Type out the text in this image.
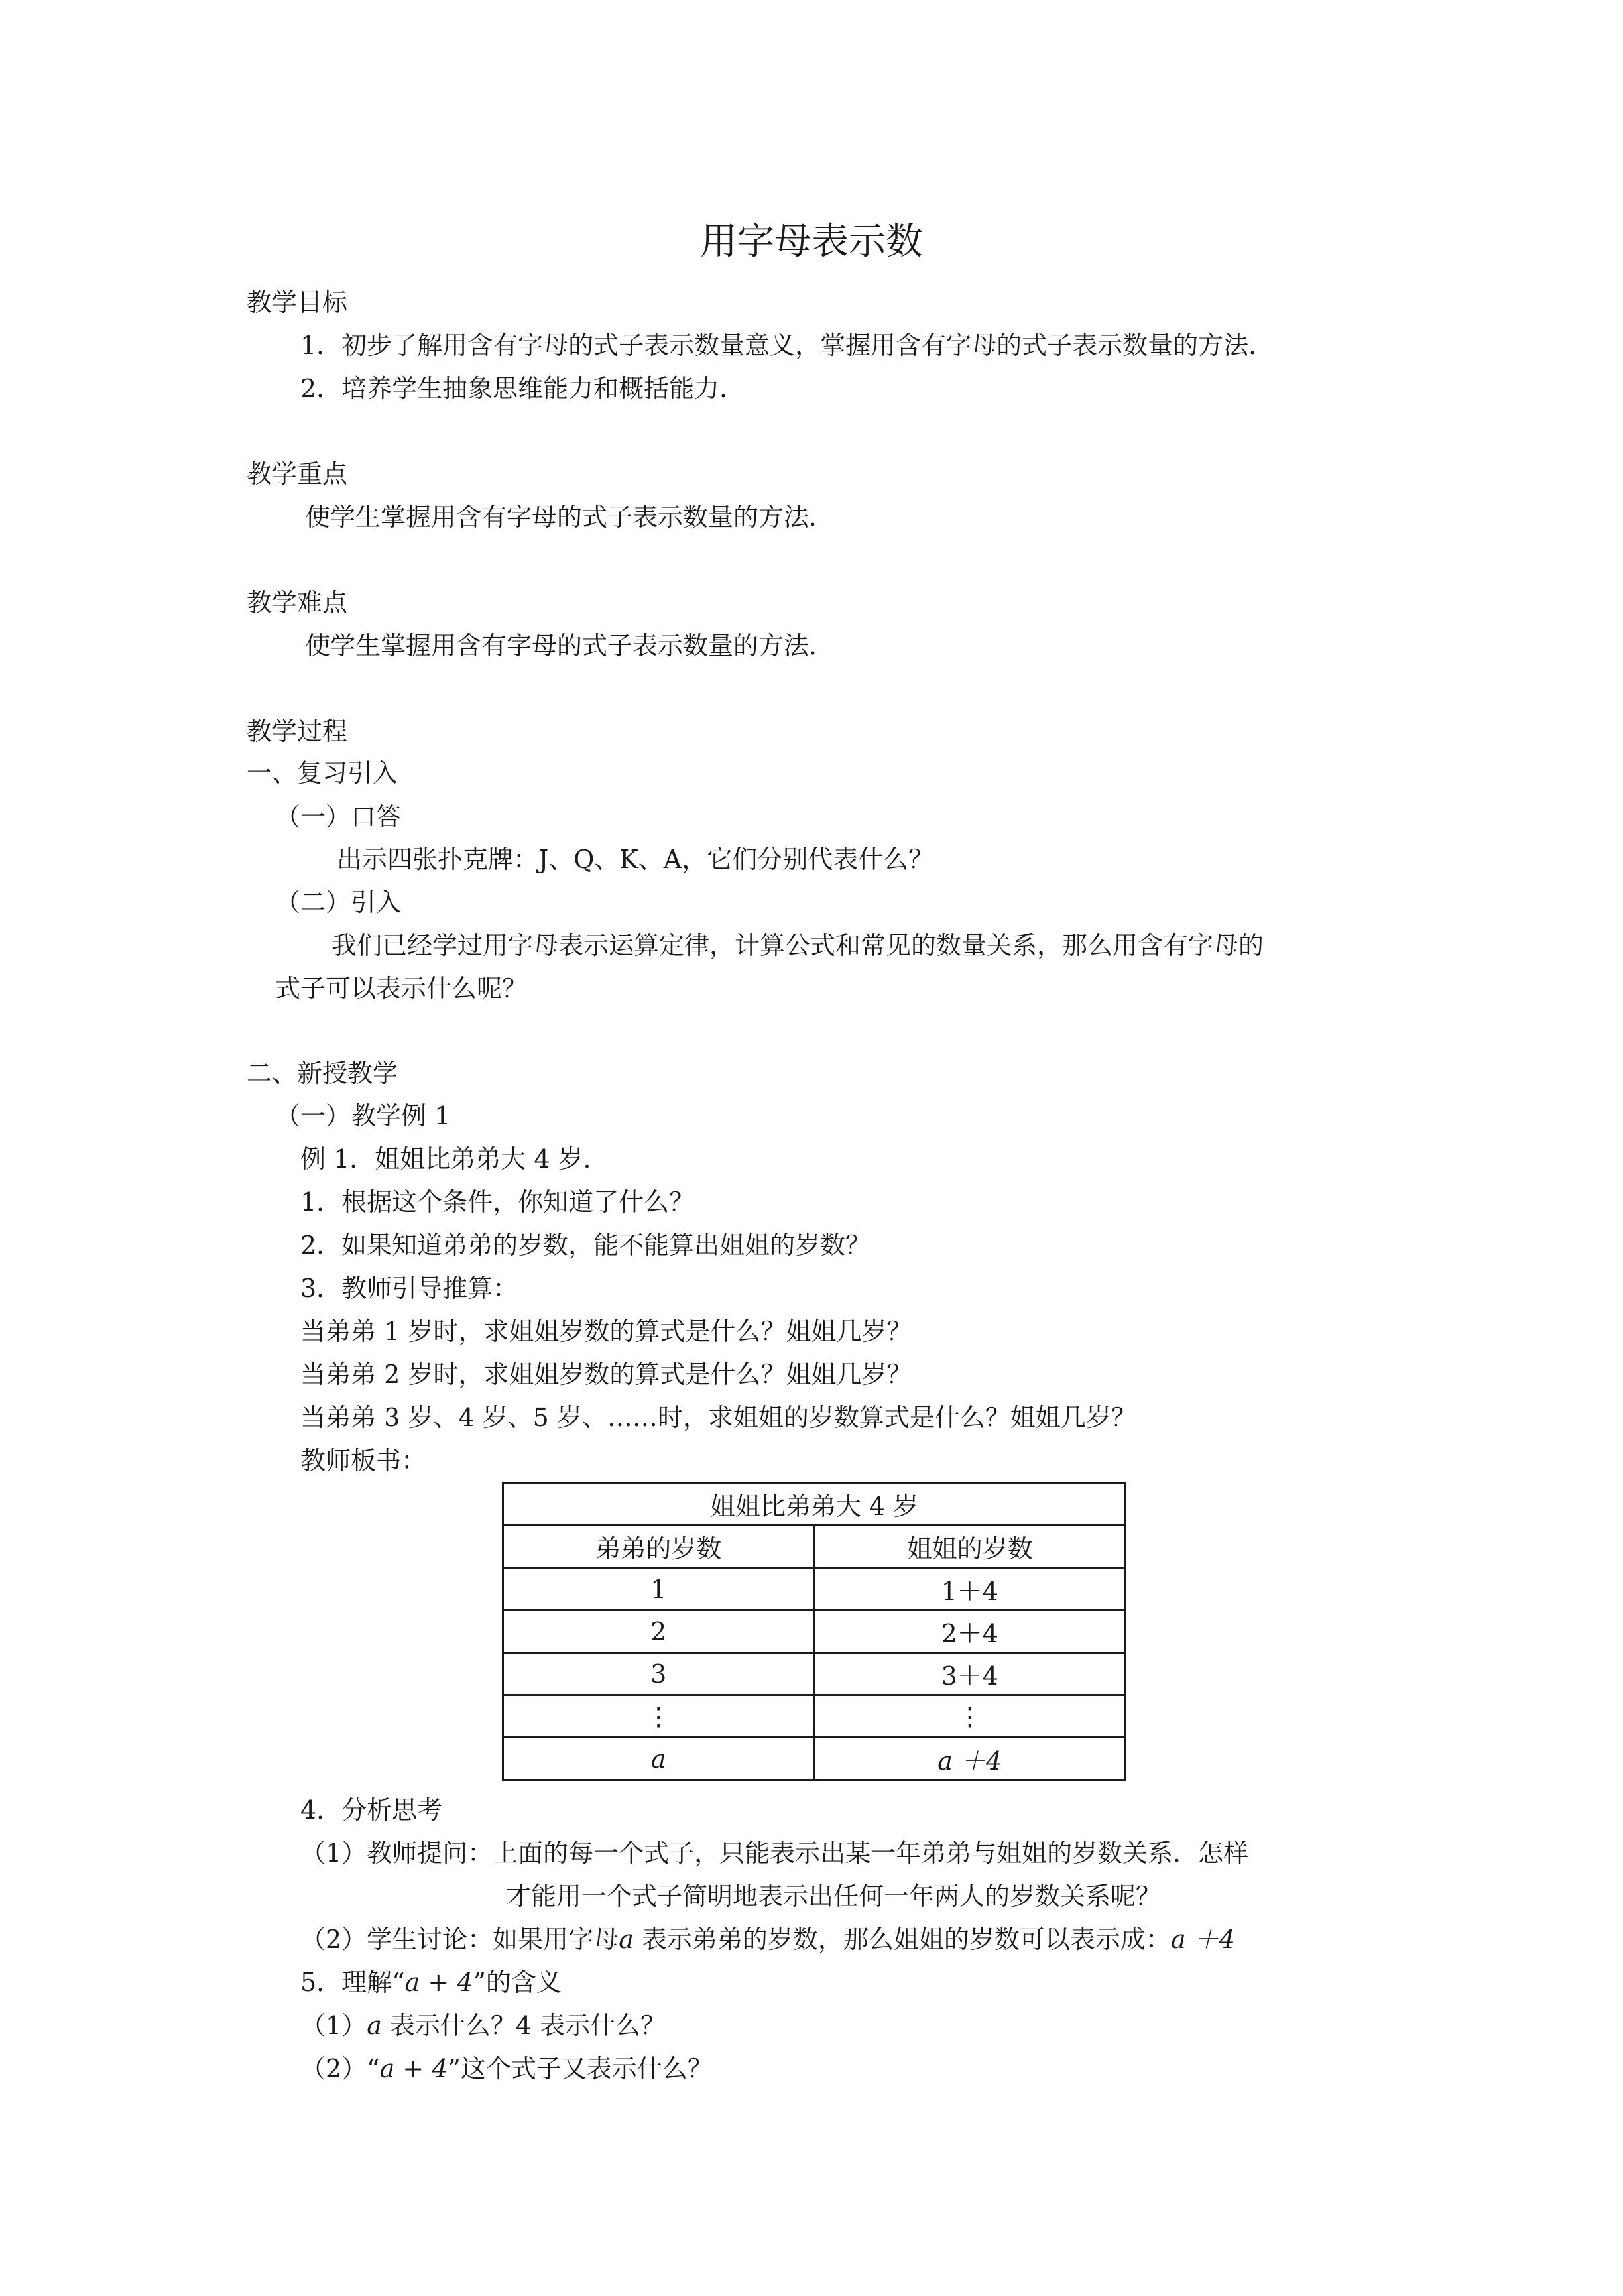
用字母表示数
教学目标
1．初步了解用含有字母的式子表示数量意义，掌握用含有字母的式子表示数量的方法．
2．培养学生抽象思维能力和概括能力．
教学重点
使学生掌握用含有字母的式子表示数量的方法．
教学难点
使学生掌握用含有字母的式子表示数量的方法．
教学过程
一、复习引入
（一）口答
出示四张扑克牌：J、Q、K、A，它们分别代表什么？
（二）引入
我们已经学过用字母表示运算定律，计算公式和常见的数量关系，那么用含有字母的
式子可以表示什么呢？
二、新授教学
（一）教学例 1
例 1．姐姐比弟弟大 4 岁．
1．根据这个条件，你知道了什么？
2．如果知道弟弟的岁数，能不能算出姐姐的岁数？
3．教师引导推算：
当弟弟 1 岁时，求姐姐岁数的算式是什么？姐姐几岁？
当弟弟 2 岁时，求姐姐岁数的算式是什么？姐姐几岁？
当弟弟 3 岁、4 岁、5 岁、……时，求姐姐的岁数算式是什么？姐姐几岁？
教师板书：
姐姐比弟弟大 4 岁	
弟弟的岁数	姐姐的岁数
1	1＋4
2	2＋4
3	3＋4
⋮	⋮
a	a ＋4
4．分析思考
（1）教师提问：上面的每一个式子，只能表示出某一年弟弟与姐姐的岁数关系．怎样
才能用一个式子简明地表示出任何一年两人的岁数关系呢？
（2）学生讨论：如果用字母a 表示弟弟的岁数，那么姐姐的岁数可以表示成：a ＋4
5．理解“a + 4”的含义
（1）a 表示什么？4 表示什么？
（2）“a + 4”这个式子又表示什么？
